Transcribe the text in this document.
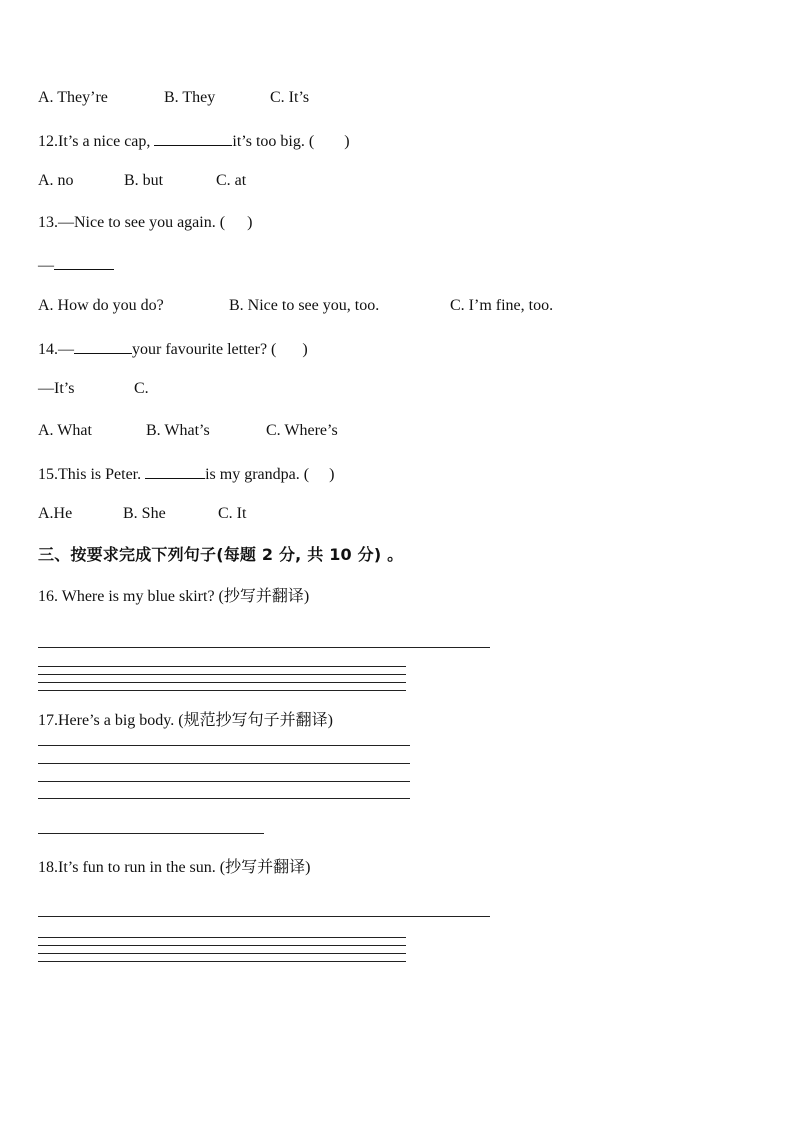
A. They’re	B. They	C. It’s
12.It’s a nice cap,	it’s too big. ( )
A. no	B. but	C. at
13.—Nice to see you again. ( )
—
A. How do you do?	B. Nice to see you, too.	C. I’m fine, too.
14.—	your favourite letter? ( )
—It’s	C.
A. What	B. What’s	C. Where’s
15.This is Peter.	is my grandpa. ( )
A.He	B. She	C. It
三、按要求完成下列句子(每题 2 分, 共 10 分) 。
16. Where is my blue skirt? (抄写并翻译)
17.Here’s a big body. (规范抄写句子并翻译)
18.It’s fun to run in the sun. (抄写并翻译)
